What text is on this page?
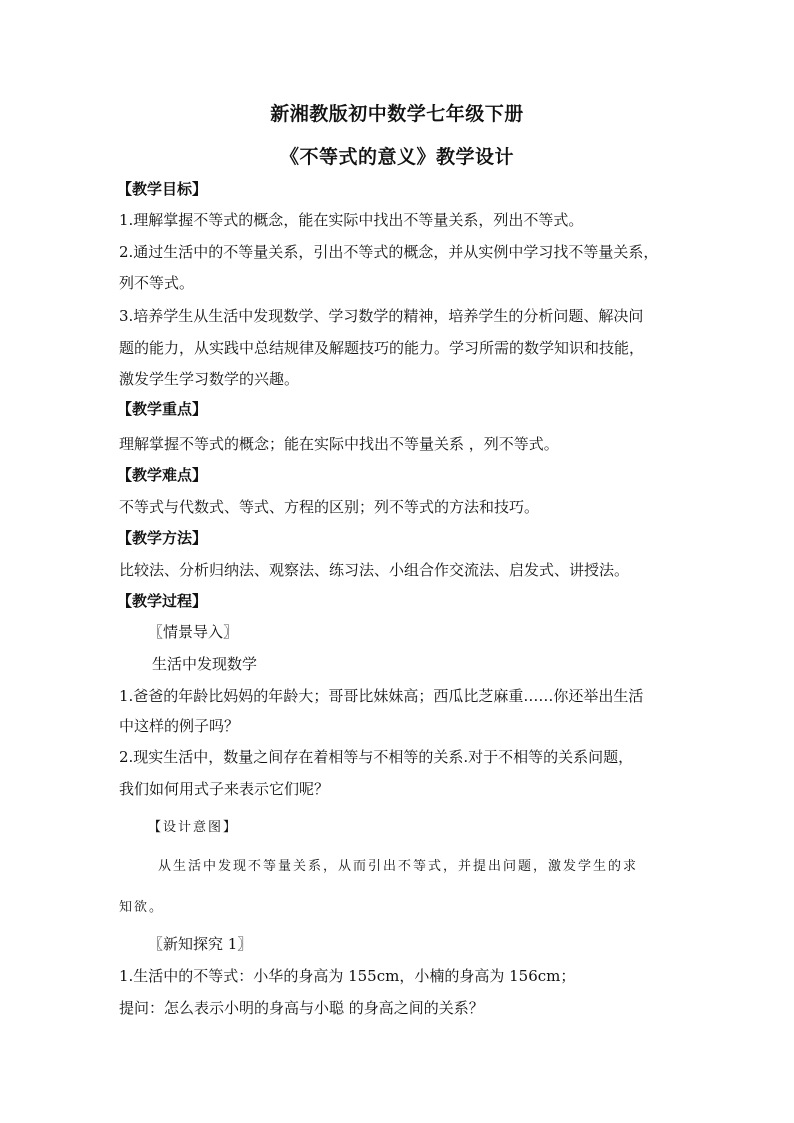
新湘教版初中数学七年级下册
《不等式的意义》教学设计
【教学目标】
1.理解掌握不等式的概念，能在实际中找出不等量关系，列出不等式。
2.通过生活中的不等量关系，引出不等式的概念，并从实例中学习找不等量关系，
列不等式。
3.培养学生从生活中发现数学、学习数学的精神，培养学生的分析问题、解决问
题的能力，从实践中总结规律及解题技巧的能力。学习所需的数学知识和技能，
激发学生学习数学的兴趣。
【教学重点】
理解掌握不等式的概念；能在实际中找出不等量关系 ，列不等式。
【教学难点】
不等式与代数式、等式、方程的区别；列不等式的方法和技巧。
【教学方法】
比较法、分析归纳法、观察法、练习法、小组合作交流法、启发式、讲授法。
【教学过程】
〖情景导入〗
生活中发现数学
1.爸爸的年龄比妈妈的年龄大；哥哥比妹妹高；西瓜比芝麻重……你还举出生活
中这样的例子吗？
2.现实生活中，数量之间存在着相等与不相等的关系.对于不相等的关系问题，
我们如何用式子来表示它们呢？
【设计意图】
从生活中发现不等量关系，从而引出不等式，并提出问题，激发学生的求
知欲。
〖新知探究 1〗
1.生活中的不等式：小华的身高为 155cm，小楠的身高为 156cm；
提问：怎么表示小明的身高与小聪 的身高之间的关系？
